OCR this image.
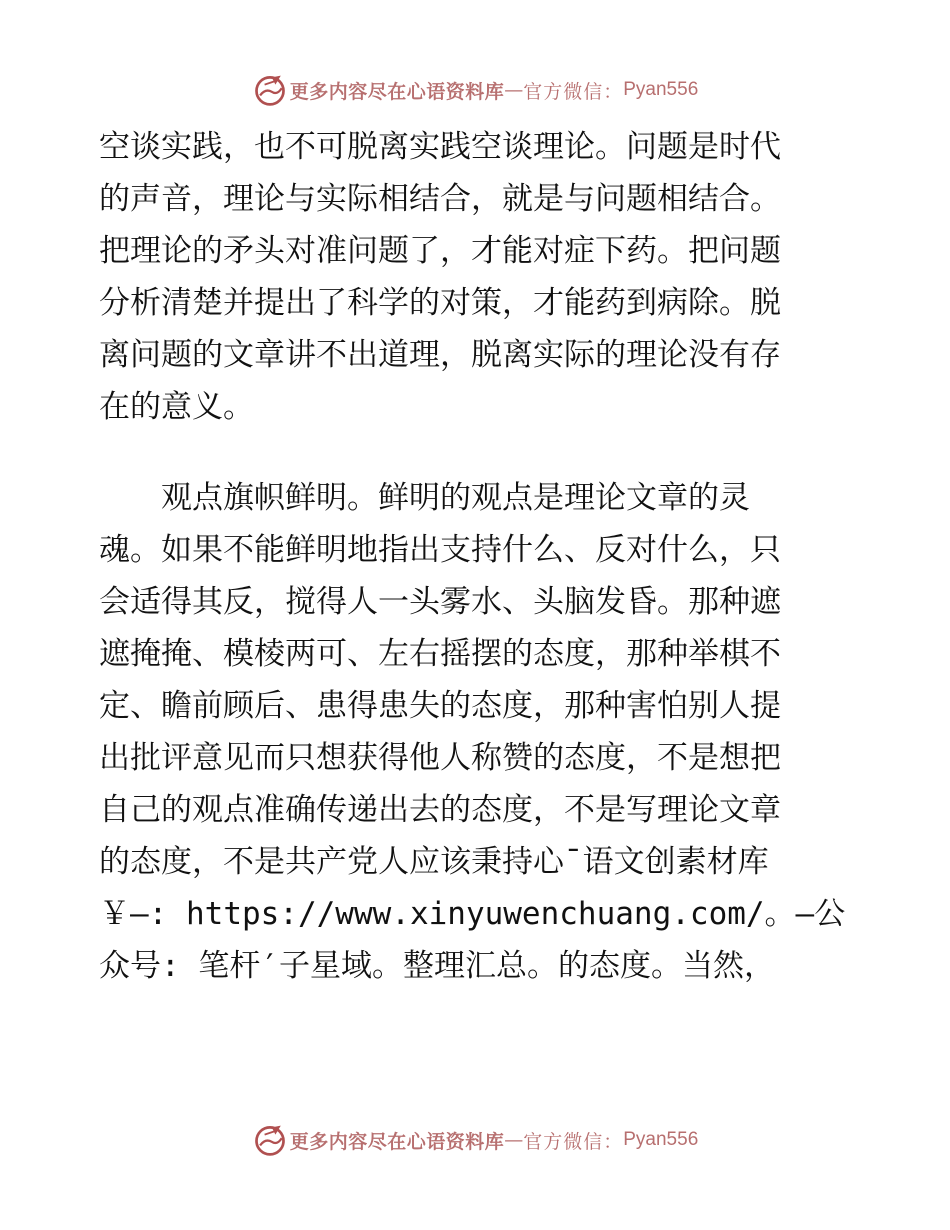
更多内容尽在心语资料库 — 官方微信： Pyan556
空谈实践，也不可脱离实践空谈理论。问题是时代
的声音，理论与实际相结合，就是与问题相结合。
把理论的矛头对准问题了，才能对症下药。把问题
分析清楚并提出了科学的对策，才能药到病除。脱
离问题的文章讲不出道理，脱离实际的理论没有存
在的意义。
　　观点旗帜鲜明。鲜明的观点是理论文章的灵
魂。如果不能鲜明地指出支持什么、反对什么，只
会适得其反，搅得人一头雾水、头脑发昏。那种遮
遮掩掩、模棱两可、左右摇摆的态度，那种举棋不
定、瞻前顾后、患得患失的态度，那种害怕别人提
出批评意见而只想获得他人称赞的态度，不是想把
自己的观点准确传递出去的态度，不是写理论文章
的态度，不是共产党人应该秉持心¯语文创素材库
￥—: https://www.xinyuwenchuang.com/。—公
众号: 笔杆′子星域。整理汇总。的态度。当然，
更多内容尽在心语资料库 — 官方微信： Pyan556
